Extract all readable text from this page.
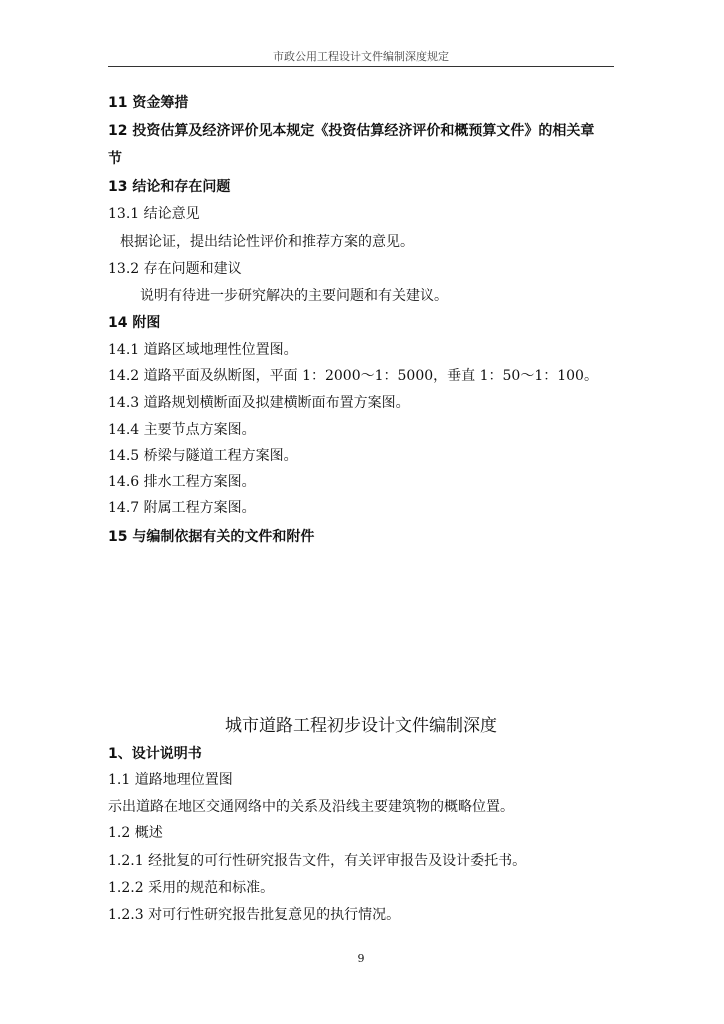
市政公用工程设计文件编制深度规定
11 资金筹措
12 投资估算及经济评价见本规定《投资估算经济评价和概预算文件》的相关章
节
13 结论和存在问题
13.1 结论意见
根据论证，提出结论性评价和推荐方案的意见。
13.2 存在问题和建议
说明有待进一步研究解决的主要问题和有关建议。
14 附图
14.1 道路区域地理性位置图。
14.2 道路平面及纵断图，平面 1：2000～1：5000，垂直 1：50～1：100。
14.3 道路规划横断面及拟建横断面布置方案图。
14.4 主要节点方案图。
14.5 桥梁与隧道工程方案图。
14.6 排水工程方案图。
14.7 附属工程方案图。
15 与编制依据有关的文件和附件
城市道路工程初步设计文件编制深度
1、设计说明书
1.1 道路地理位置图
示出道路在地区交通网络中的关系及沿线主要建筑物的概略位置。
1.2 概述
1.2.1 经批复的可行性研究报告文件，有关评审报告及设计委托书。
1.2.2 采用的规范和标准。
1.2.3 对可行性研究报告批复意见的执行情况。
9
